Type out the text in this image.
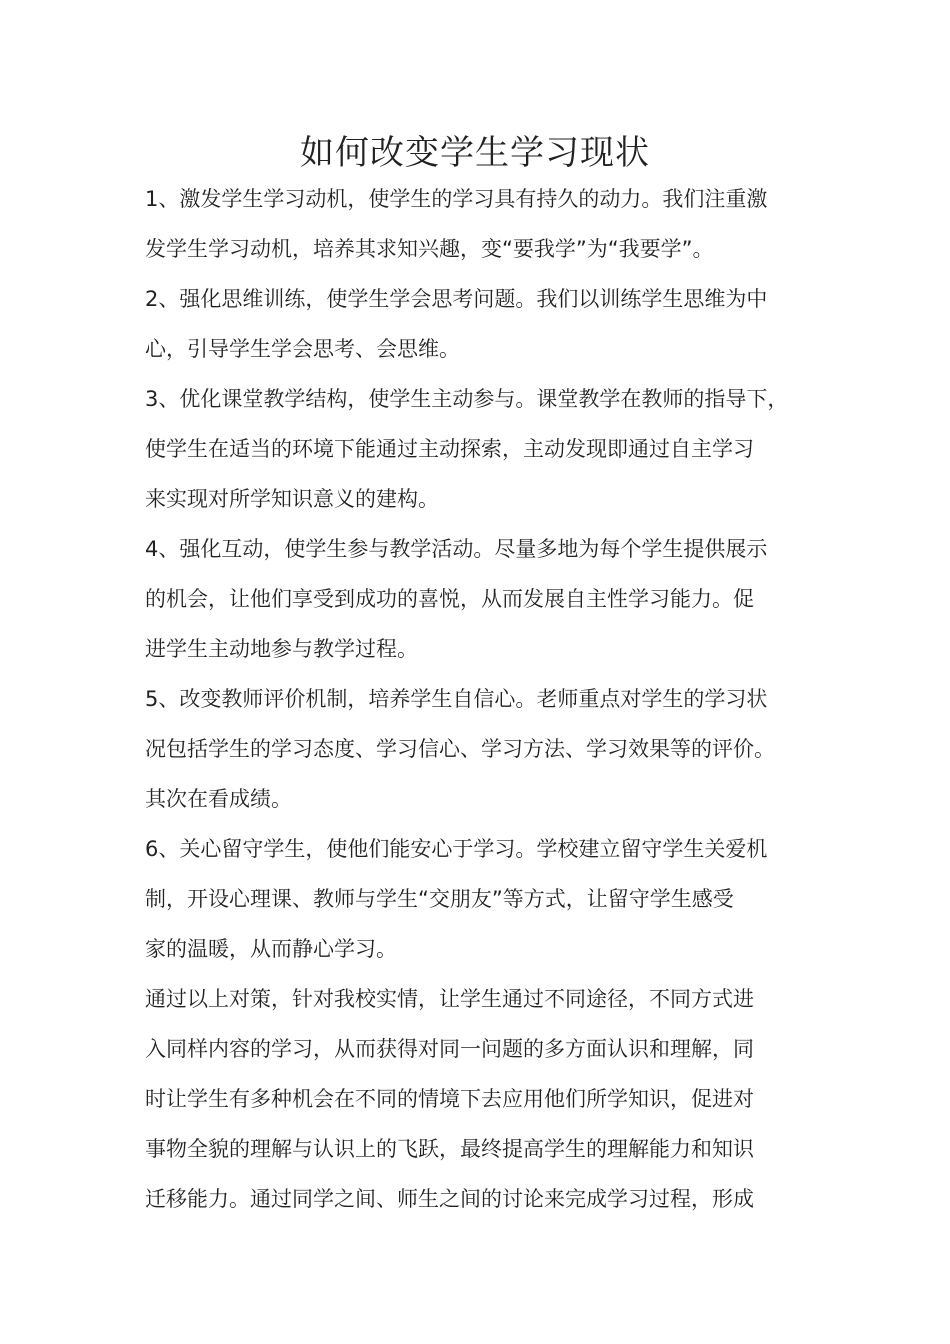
如何改变学生学习现状
1、激发学生学习动机，使学生的学习具有持久的动力。我们注重激
发学生学习动机，培养其求知兴趣，变“要我学”为“我要学”。
2、强化思维训练，使学生学会思考问题。我们以训练学生思维为中
心，引导学生学会思考、会思维。
3、优化课堂教学结构，使学生主动参与。课堂教学在教师的指导下，
使学生在适当的环境下能通过主动探索，主动发现即通过自主学习
来实现对所学知识意义的建构。
4、强化互动，使学生参与教学活动。尽量多地为每个学生提供展示
的机会，让他们享受到成功的喜悦，从而发展自主性学习能力。促
进学生主动地参与教学过程。
5、改变教师评价机制，培养学生自信心。老师重点对学生的学习状
况包括学生的学习态度、学习信心、学习方法、学习效果等的评价。
其次在看成绩。
6、关心留守学生，使他们能安心于学习。学校建立留守学生关爱机
制，开设心理课、教师与学生“交朋友”等方式，让留守学生感受
家的温暖，从而静心学习。
通过以上对策，针对我校实情，让学生通过不同途径，不同方式进
入同样内容的学习，从而获得对同一问题的多方面认识和理解，同
时让学生有多种机会在不同的情境下去应用他们所学知识，促进对
事物全貌的理解与认识上的飞跃，最终提高学生的理解能力和知识
迁移能力。通过同学之间、师生之间的讨论来完成学习过程，形成
